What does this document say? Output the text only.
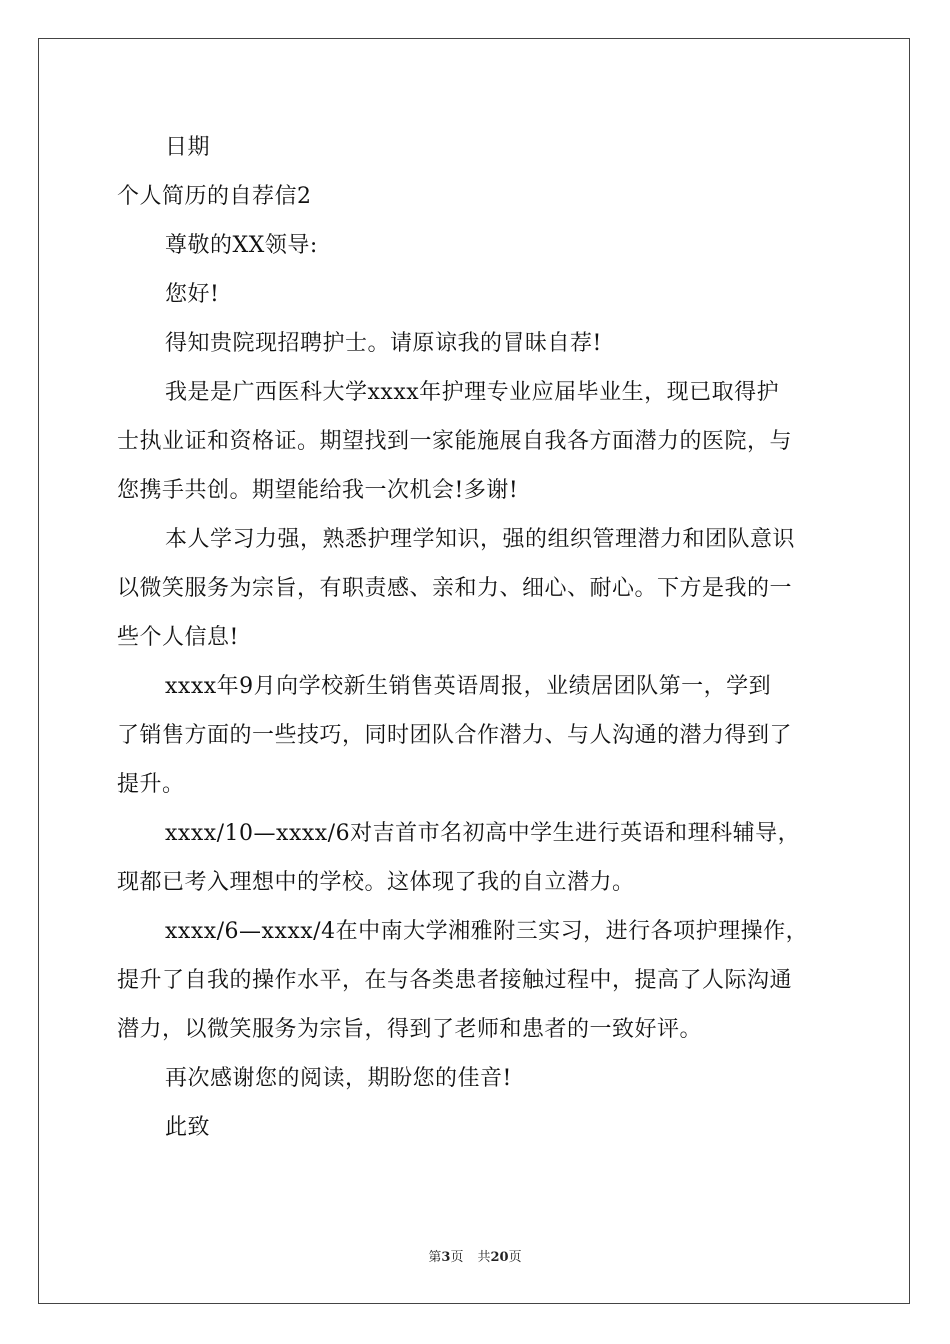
日期
个人简历的自荐信2
尊敬的XX领导:
您好!
得知贵院现招聘护士。请原谅我的冒昧自荐!
我是是广西医科大学xxxx年护理专业应届毕业生，现已取得护
士执业证和资格证。期望找到一家能施展自我各方面潜力的医院，与
您携手共创。期望能给我一次机会!多谢!
本人学习力强，熟悉护理学知识，强的组织管理潜力和团队意识
以微笑服务为宗旨，有职责感、亲和力、细心、耐心。下方是我的一
些个人信息!
xxxx年9月向学校新生销售英语周报，业绩居团队第一，学到
了销售方面的一些技巧，同时团队合作潜力、与人沟通的潜力得到了
提升。
xxxx/10—xxxx/6对吉首市名初高中学生进行英语和理科辅导，
现都已考入理想中的学校。这体现了我的自立潜力。
xxxx/6—xxxx/4在中南大学湘雅附三实习，进行各项护理操作，
提升了自我的操作水平，在与各类患者接触过程中，提高了人际沟通
潜力，以微笑服务为宗旨，得到了老师和患者的一致好评。
再次感谢您的阅读，期盼您的佳音!
此致
第3页 共20页
